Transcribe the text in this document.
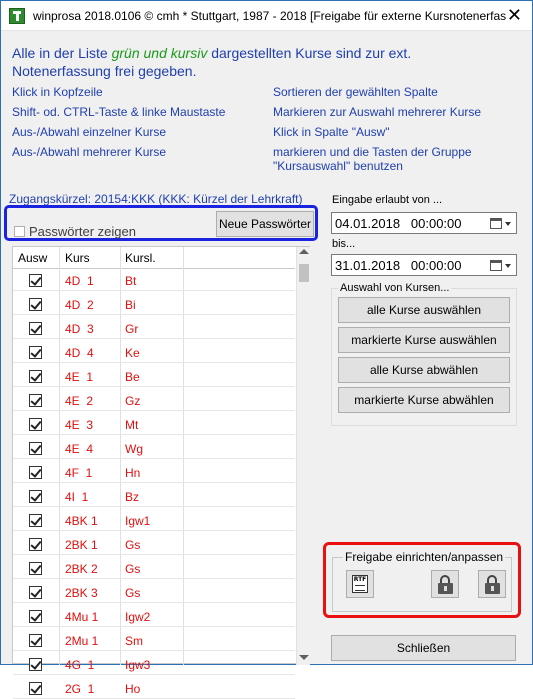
winprosa 2018.0106 © cmh * Stuttgart, 1987 - 2018 [Freigabe für externe Kursnotenerfas ✕
Alle in der Liste grün und kursiv dargestellten Kurse sind zur ext.
Notenerfassung frei gegeben.
Klick in Kopfzeile	Sortieren der gewählten Spalte
Shift- od. CTRL-Taste & linke Maustaste	Markieren zur Auswahl mehrerer Kurse
Aus-/Abwahl einzelner Kurse	Klick in Spalte "Ausw"
Aus-/Abwahl mehrerer Kurse	markieren und die Tasten der Gruppe
"Kursauswahl" benutzen
Zugangskürzel: 20154:KKK (KKK: Kürzel der Lehrkraft)
Passwörter zeigen	Neue Passwörter
Ausw Kurs	Kursl.
4D  1	Bt
4D  2	Bi
4D  3	Gr
4D  4	Ke
4E  1	Be
4E  2	Gz
4E  3	Mt
4E  4	Wg
4F  1	Hn
4I  1	Bz
4BK 1 Igw1
2BK 1 Gs
2BK 2 Gs
2BK 3 Gs
4Mu 1 Igw2
2Mu 1 Sm
4G  1	Igw3
2G  1	Ho
Eingabe erlaubt von ...
04.01.2018   00:00:00
bis...
31.01.2018   00:00:00
Auswahl von Kursen...
alle Kurse auswählen
markierte Kurse auswählen
alle Kurse abwählen
markierte Kurse abwählen
Freigabe einrichten/anpassen
RTF
Schließen
